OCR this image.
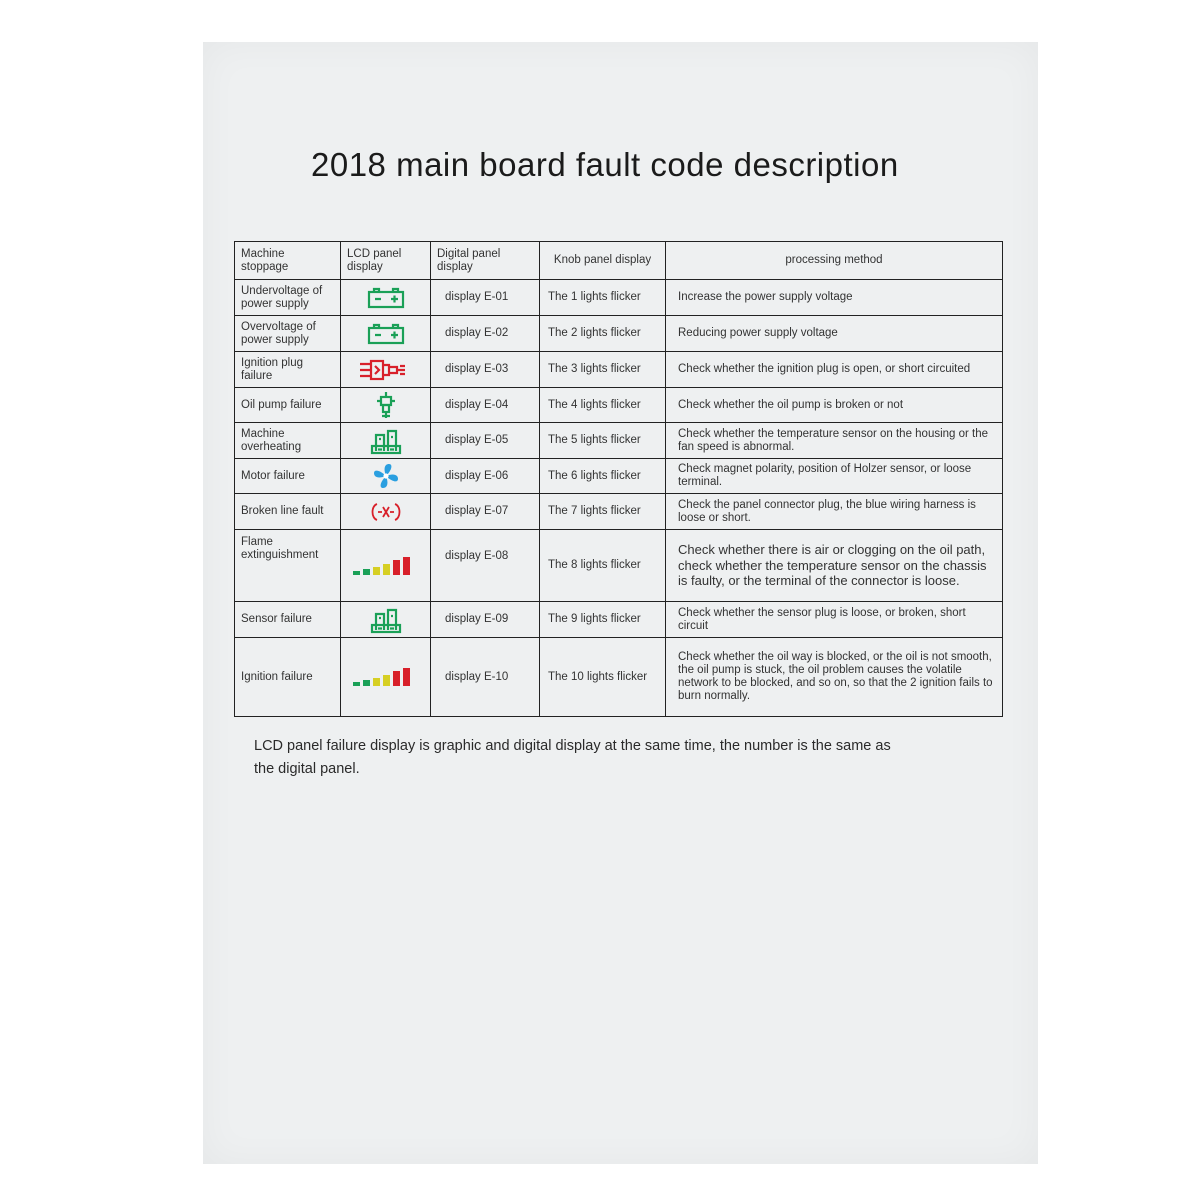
2018 main board fault code description
Machine stoppage	LCD panel display	Digital panel display	Knob panel display	processing method
Undervoltage of power supply		display E-01	The 1 lights flicker	Increase the power supply voltage
Overvoltage of power supply		display E-02	The 2 lights flicker	Reducing power supply voltage
Ignition plug failure		display E-03	The 3 lights flicker	Check whether the ignition plug is open, or short circuited
Oil pump failure		display E-04	The 4 lights flicker	Check whether the oil pump is broken or not
Machine overheating		display E-05	The 5 lights flicker	Check whether the temperature sensor on the housing or the fan speed is abnormal.
Motor failure		display E-06	The 6 lights flicker	Check magnet polarity, position of Holzer sensor, or loose terminal.
Broken line fault		display E-07	The 7 lights flicker	Check the panel connector plug, the blue wiring harness is loose or short.
Flame extinguishment		display E-08	The 8 lights flicker	Check whether there is air or clogging on the oil path, check whether the temperature sensor on the chassis is faulty, or the terminal of the connector is loose.
Sensor failure		display E-09	The 9 lights flicker	Check whether the sensor plug is loose, or broken, short circuit
Ignition failure		display E-10	The 10 lights flicker	Check whether the oil way is blocked, or the oil is not smooth, the oil pump is stuck, the oil problem causes the volatile network to be blocked, and so on, so that the 2 ignition fails to burn normally.
LCD panel failure display is graphic and digital display at the same time, the number is the same as the digital panel.
